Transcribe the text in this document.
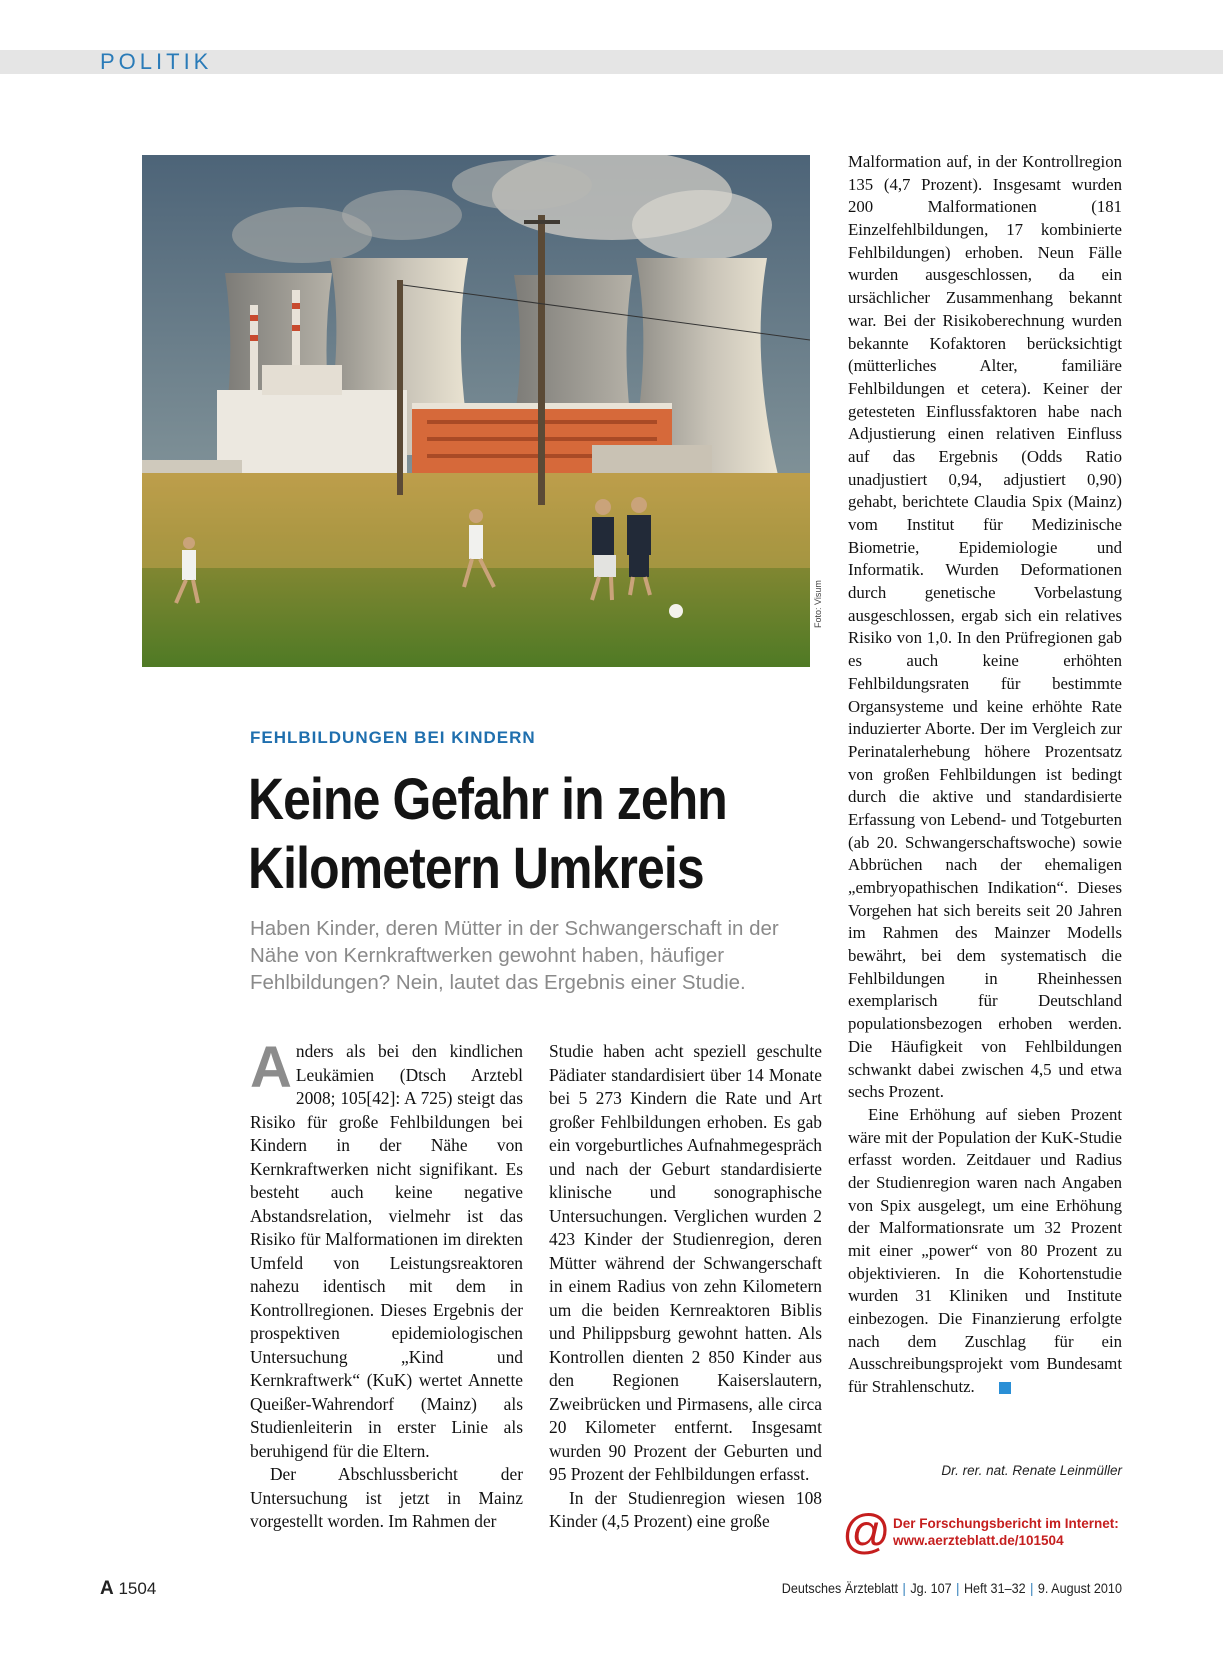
POLITIK
Foto: Visum
FEHLBILDUNGEN BEI KINDERN
Keine Gefahr in zehn Kilometern Umkreis
Haben Kinder, deren Mütter in der Schwangerschaft in der Nähe von Kernkraftwerken gewohnt haben, häufiger Fehlbildungen? Nein, lautet das Ergebnis einer Studie.

Anders als bei den kindlichen Leukämien (Dtsch Arztebl 2008; 105[42]: A 725) steigt das Risiko für große Fehlbildungen bei Kindern in der Nähe von Kernkraftwerken nicht signifikant. Es besteht auch keine negative Abstandsrelation, vielmehr ist das Risiko für Malformationen im direkten Umfeld von Leistungsreaktoren nahezu identisch mit dem in Kontrollregionen. Dieses Ergebnis der prospektiven epidemiologischen Untersuchung „Kind und Kernkraftwerk“ (KuK) wertet Annette Queißer-Wahrendorf (Mainz) als Studienleiterin in erster Linie als beruhigend für die Eltern.

Der Abschlussbericht der Untersuchung ist jetzt in Mainz vorgestellt worden. Im Rahmen der

Studie haben acht speziell geschulte Pädiater standardisiert über 14 Monate bei 5 273 Kindern die Rate und Art großer Fehlbildungen erhoben. Es gab ein vorgeburtliches Aufnahmegespräch und nach der Geburt standardisierte klinische und sonographische Untersuchungen. Verglichen wurden 2 423 Kinder der Studienregion, deren Mütter während der Schwangerschaft in einem Radius von zehn Kilometern um die beiden Kernreaktoren Biblis und Philippsburg gewohnt hatten. Als Kontrollen dienten 2 850 Kinder aus den Regionen Kaiserslautern, Zweibrücken und Pirmasens, alle circa 20 Kilometer entfernt. Insgesamt wurden 90 Prozent der Geburten und 95 Prozent der Fehlbildungen erfasst.

In der Studienregion wiesen 108 Kinder (4,5 Prozent) eine große

Malformation auf, in der Kontrollregion 135 (4,7 Prozent). Insgesamt wurden 200 Malformationen (181 Einzelfehlbildungen, 17 kombinierte Fehlbildungen) erhoben. Neun Fälle wurden ausgeschlossen, da ein ursächlicher Zusammenhang bekannt war. Bei der Risikoberechnung wurden bekannte Kofaktoren berücksichtigt (mütterliches Alter, familiäre Fehlbildungen et cetera). Keiner der getesteten Einflussfaktoren habe nach Adjustierung einen relativen Einfluss auf das Ergebnis (Odds Ratio unadjustiert 0,94, adjustiert 0,90) gehabt, berichtete Claudia Spix (Mainz) vom Institut für Medizinische Biometrie, Epidemiologie und Informatik. Wurden Deformationen durch genetische Vorbelastung ausgeschlossen, ergab sich ein relatives Risiko von 1,0. In den Prüfregionen gab es auch keine erhöhten Fehlbildungsraten für bestimmte Organsysteme und keine erhöhte Rate induzierter Aborte. Der im Vergleich zur Perinatalerhebung höhere Prozentsatz von großen Fehlbildungen ist bedingt durch die aktive und standardisierte Erfassung von Lebend- und Totgeburten (ab 20. Schwangerschaftswoche) sowie Abbrüchen nach der ehemaligen „embryopathischen Indikation“. Dieses Vorgehen hat sich bereits seit 20 Jahren im Rahmen des Mainzer Modells bewährt, bei dem systematisch die Fehlbildungen in Rheinhessen exemplarisch für Deutschland populationsbezogen erhoben werden. Die Häufigkeit von Fehlbildungen schwankt dabei zwischen 4,5 und etwa sechs Prozent.

Eine Erhöhung auf sieben Prozent wäre mit der Population der KuK-Studie erfasst worden. Zeitdauer und Radius der Studienregion waren nach Angaben von Spix ausgelegt, um eine Erhöhung der Malformationsrate um 32 Prozent mit einer „power“ von 80 Prozent zu objektivieren. In die Kohortenstudie wurden 31 Kliniken und Institute einbezogen. Die Finanzierung erfolgte nach dem Zuschlag für ein Ausschreibungsprojekt vom Bundesamt für Strahlenschutz.

Dr. rer. nat. Renate Leinmüller
@ Der Forschungsbericht im Internet:
www.aerzteblatt.de/101504
A 1504	Deutsches Ärzteblatt | Jg. 107 | Heft 31–32 | 9. August 2010
